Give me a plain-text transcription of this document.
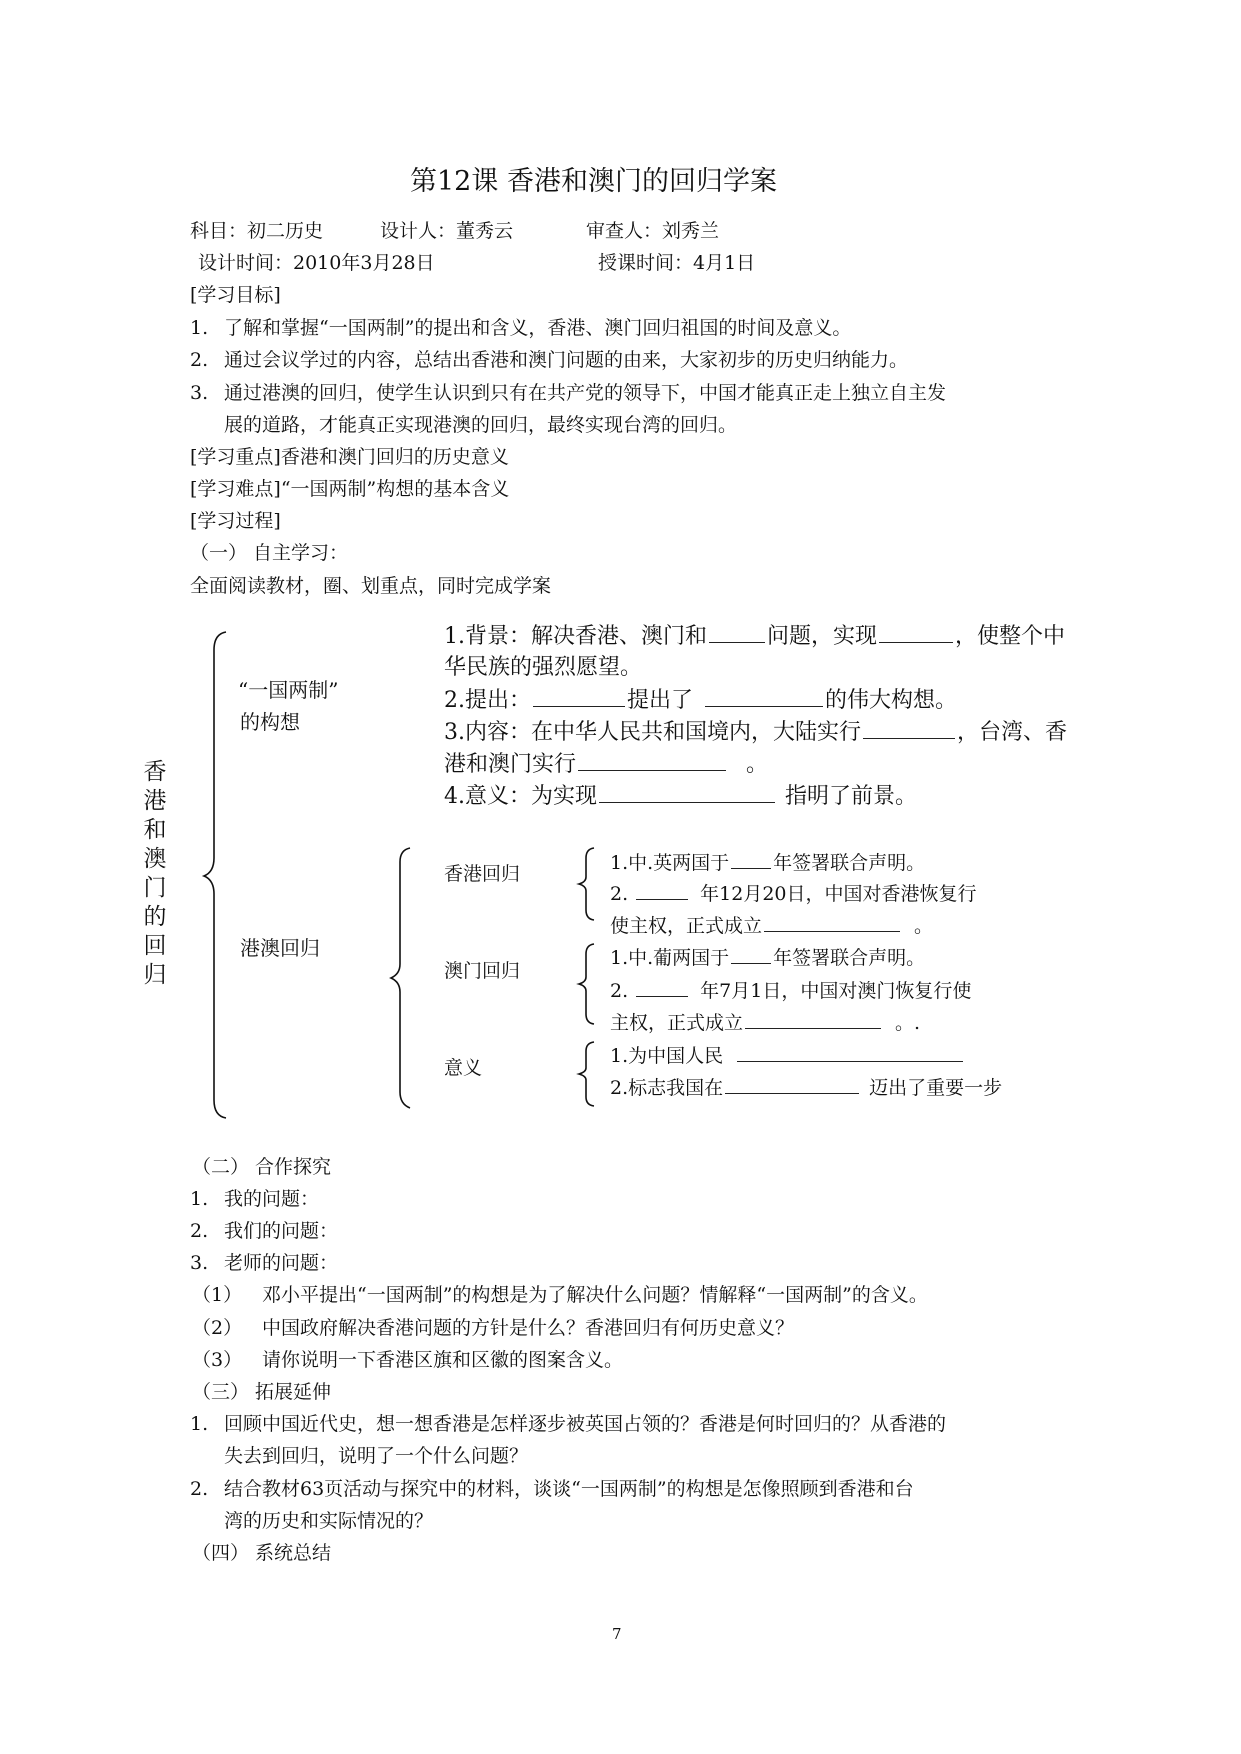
第12课 香港和澳门的回归学案
科目：初二历史	设计人：董秀云	审查人：刘秀兰
设计时间：2010年3月28日	授课时间：4月1日
[学习目标]
1. 了解和掌握“一国两制”的提出和含义，香港、澳门回归祖国的时间及意义。
2. 通过会议学过的内容，总结出香港和澳门问题的由来，大家初步的历史归纳能力。
3. 通过港澳的回归，使学生认识到只有在共产党的领导下，中国才能真正走上独立自主发
展的道路，才能真正实现港澳的回归，最终实现台湾的回归。
[学习重点]香港和澳门回归的历史意义
[学习难点]“一国两制”构想的基本含义
[学习过程]
（一） 自主学习：
全面阅读教材，圈、划重点，同时完成学案
香港和澳门的回归
“一国两制”
的构想
1.背景：解决香港、澳门和	问题，实现	，使整个中
华民族的强烈愿望。
2.提出：	提出了	的伟大构想。
3.内容：在中华人民共和国境内，大陆实行	，台湾、香
港和澳门实行	。
4.意义：为实现	指明了前景。
港澳回归
香港回归	1.中.英两国于 年签署联合声明。
2.	年12月20日，中国对香港恢复行
使主权，正式成立	。
澳门回归
1.中.葡两国于 年签署联合声明。
2.	年7月1日，中国对澳门恢复行使
主权，正式成立	。.
意义
1.为中国人民
2.标志我国在	迈出了重要一步
（二） 合作探究
1. 我的问题：
2. 我们的问题：
3. 老师的问题：
（1） 邓小平提出“一国两制”的构想是为了解决什么问题？情解释“一国两制”的含义。
（2） 中国政府解决香港问题的方针是什么？香港回归有何历史意义？
（3） 请你说明一下香港区旗和区徽的图案含义。
（三） 拓展延伸
1. 回顾中国近代史，想一想香港是怎样逐步被英国占领的？香港是何时回归的？从香港的
失去到回归，说明了一个什么问题？
2. 结合教材63页活动与探究中的材料，谈谈“一国两制”的构想是怎像照顾到香港和台
湾的历史和实际情况的？
（四） 系统总结
7
